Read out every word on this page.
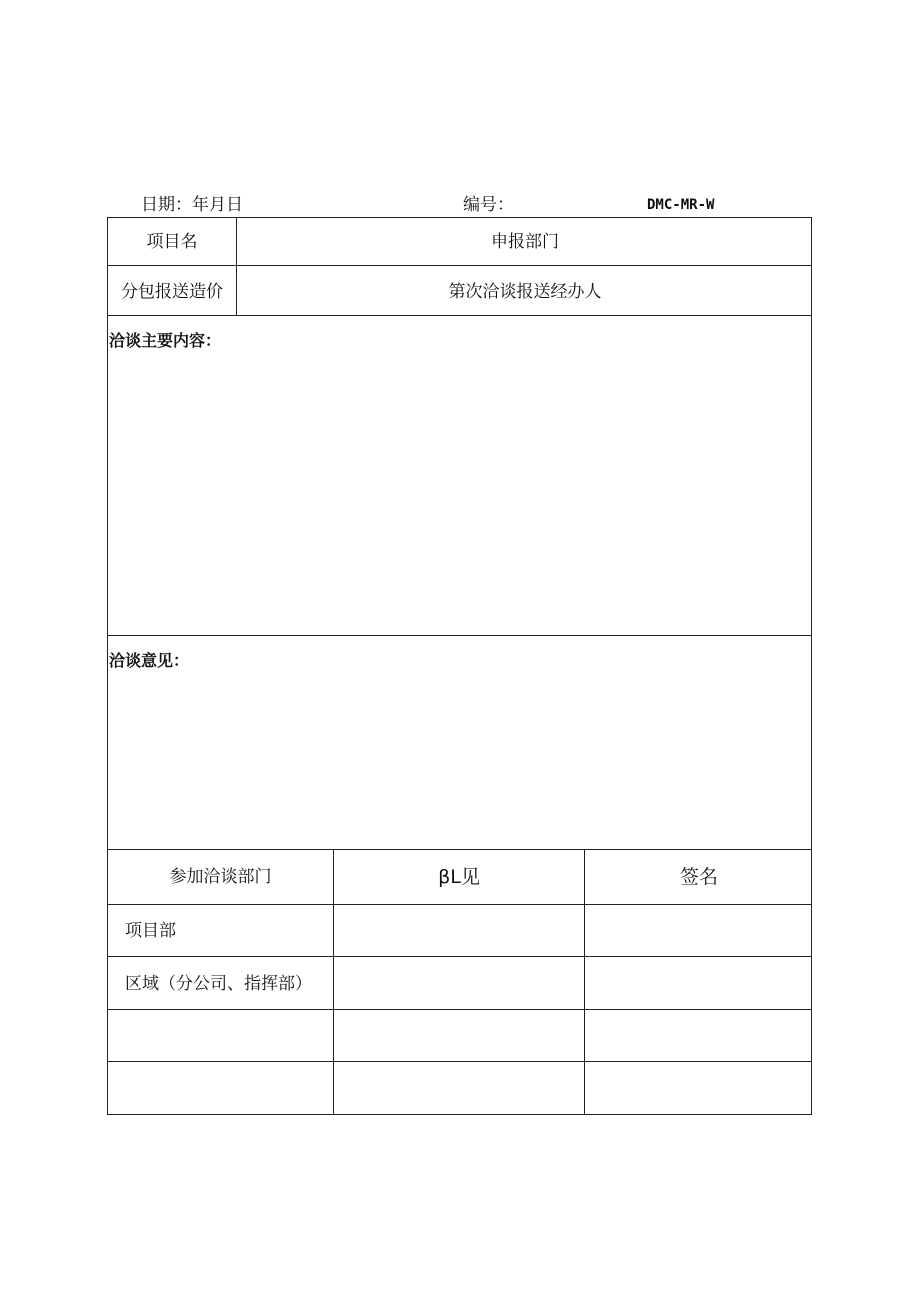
日期：年月日	编号：	DMC-MR-W
项目名	申报部门
分包报送造价	第次洽谈报送经办人
洽谈主要内容：
洽谈意见：
参加洽谈部门	βL见	签名
项目部
区域（分公司、指挥部）
